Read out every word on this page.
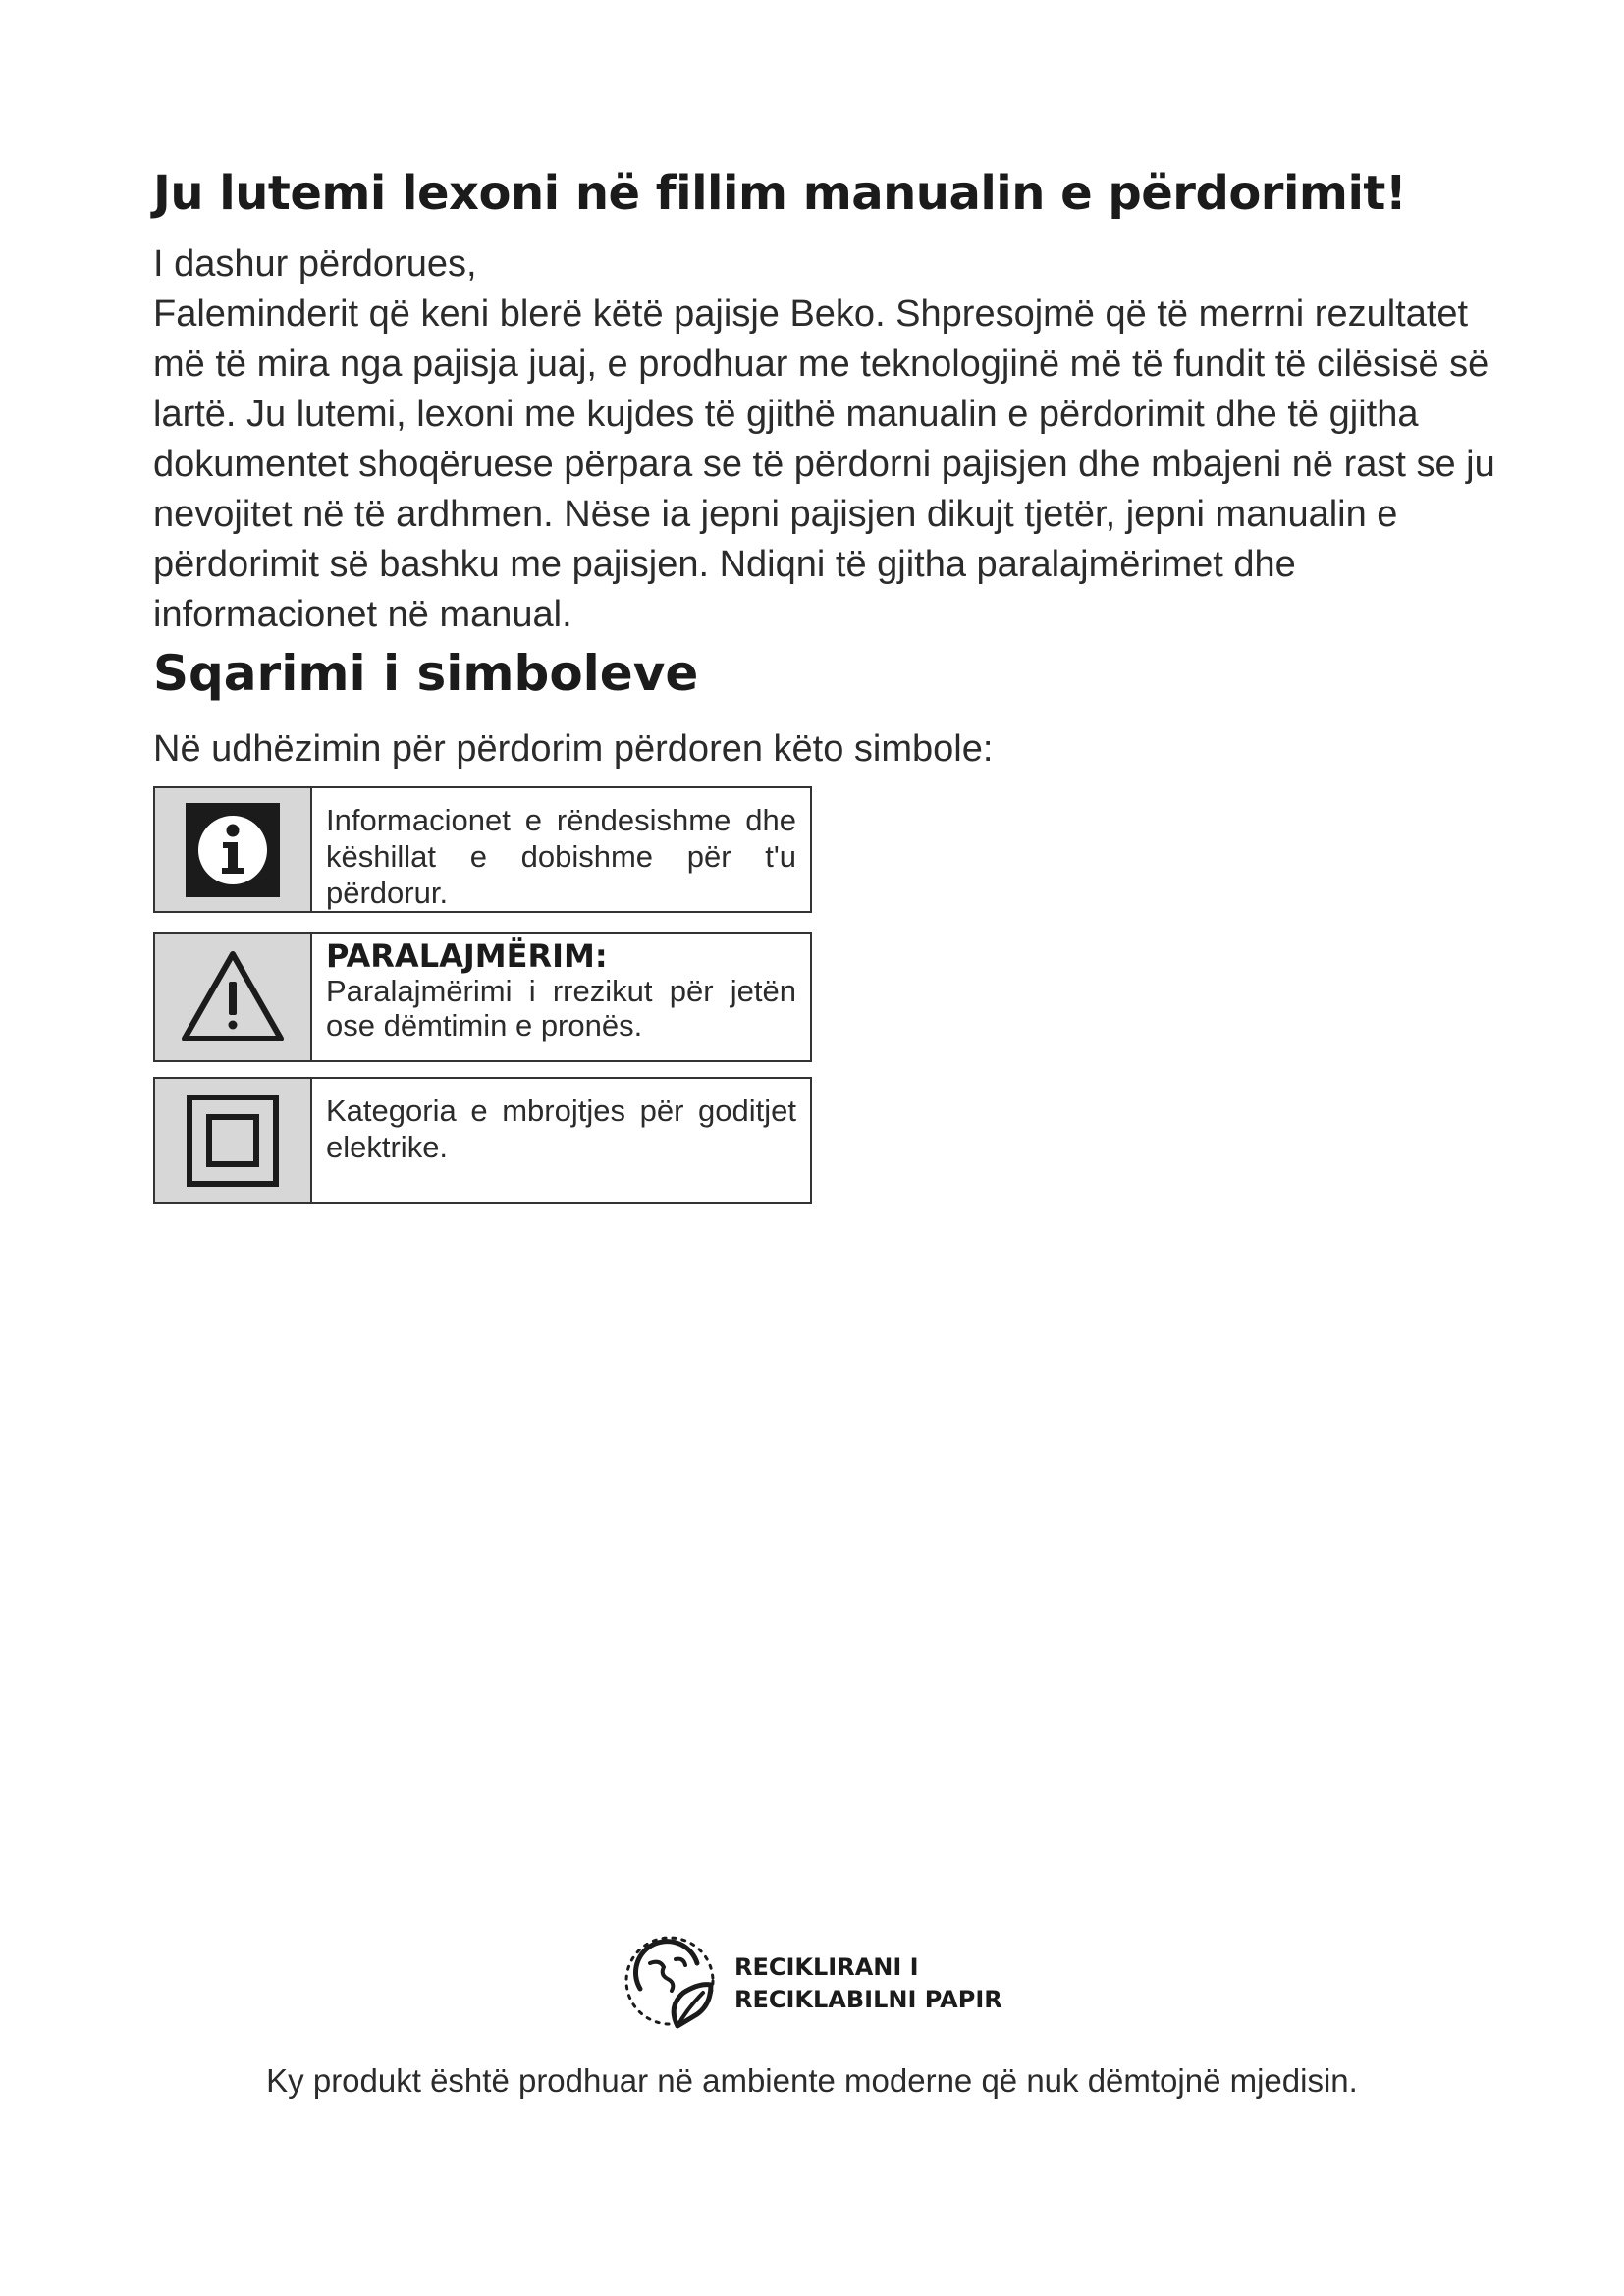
Ju lutemi lexoni në fillim manualin e përdorimit!

I dashur përdorues,

Faleminderit që keni blerë këtë pajisje Beko. Shpresojmë që të merrni rezultatet më të mira nga pajisja juaj, e prodhuar me teknologjinë më të fundit të cilësisë së lartë. Ju lutemi, lexoni me kujdes të gjithë manualin e përdorimit dhe të gjitha dokumentet shoqëruese përpara se të përdorni pajisjen dhe mbajeni në rast se ju nevojitet në të ardhmen. Nëse ia jepni pajisjen dikujt tjetër, jepni manualin e përdorimit së bashku me pajisjen. Ndiqni të gjitha paralajmërimet dhe informacionet në manual.

Sqarimi i simboleve

Në udhëzimin për përdorim përdoren këto simbole:

Informacionet e rëndesishme dhe këshillat e dobishme për t'u përdorur.
PARALAJMËRIM: Paralajmërimi i rrezikut për jetën ose dëmtimin e pronës.
Kategoria e mbrojtjes për goditjet elektrike.
RECIKLIRANI I
RECIKLABILNI PAPIR
Ky produkt është prodhuar në ambiente moderne që nuk dëmtojnë mjedisin.
